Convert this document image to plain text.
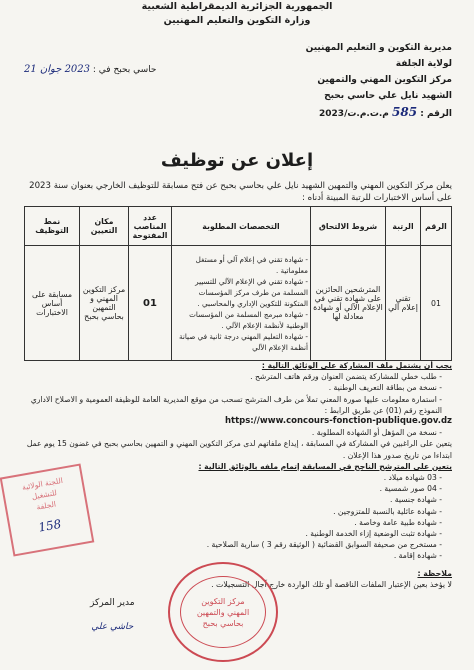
الجمهورية الجزائرية الديمقراطية الشعبية
وزارة التكوين والتعليم المهنيين
مديرية التكوين و التعليم المهنيين
لولاية الجلفة
مركز التكوين المهني والتمهين
الشهيد نايل علي حاسي بحبح
الرقم : 585 م.ت.م.ت/2023
حاسي بحبح في : 2023 جوان 21
إعلان عن توظيف
يعلن مركز التكوين المهني والتمهين الشهيد نايل علي بحاسي بحبح عن فتح مسابقة للتوظيف الخارجي بعنوان سنة 2023 على أساس الاختبارات للرتبة المبينة أدناه :
الرقم	الرتبة	شروط الالتحاق	التخصصات المطلوبة	عدد المناصب المفتوحة	مكان التعيين	نمط التوظيف
01	تقني إعلام آلي	المترشحين الحائزين على شهادة تقني في الإعلام الآلي أو شهادة معادلة لها	- شهادة تقني في إعلام آلي أو مستغل معلوماتية .
- شهادة تقني في الإعلام الآلي للتسيير المسلمة من طرف مركز المؤسسات المتكونة للتكوين الإداري والمحاسبي .
- شهادة مبرمج المسلمة من المؤسسات الوطنية لأنظمة الإعلام الآلي .
- شهادة التعليم المهني درجة ثانية في صيانة أنظمة الإعلام الآلي	01	مركز التكوين المهني و التمهين بحاسي بحبح	مسابقة على أساس الاختبارات
يجب أن يشتمل ملف المشاركة على الوثائق التالية :
- طلب خطي للمشاركة يتضمن العنوان ورقم هاتف المترشح .
- نسخة من بطاقة التعريف الوطنية .
- استمارة معلومات عليها صورة المعني تملأ من طرف المترشح تسحب من موقع المديرية العامة للوظيفة العمومية و الاصلاح الاداري النموذج رقم (01) عن طريق الرابط :
https://www.concours-fonction-publique.gov.dz
- نسخة من المؤهل أو الشهادة المطلوبة .
يتعين على الراغبين في المشاركة في المسابقة ، إيداع ملفاتهم لدى مركز التكوين المهني و التمهين بحاسي بحبح في غضون 15 يوم عمل ابتداءا من تاريخ صدور هذا الإعلان .
يتعين على المترشح الناجح في المسابقة إتمام ملفه بالوثائق التالية :
- 03 شهادة ميلاد .
- 04 صور شمسية .
- شهادة جنسية .
- شهادة عائلية بالنسبة للمتزوجين .
- شهادة طبية عامة وخاصة .
- شهادة تثبت الوضعية إزاء الخدمة الوطنية .
- مستخرج من صحيفة السوابق القضائية ( الوثيقة رقم 3 ) سارية الصلاحية .
- شهادة إقامة .
ملاحظة :
لا يؤخذ بعين الإعتبار الملفات الناقصة أو تلك الواردة خارج آجال التسجيلات .
مركز التكوين
المهني والتمهين
بحاسي بحبح
اللجنة الولائية
للتشغيل
الجلفة
158
مدير المركز
حاشي علي
